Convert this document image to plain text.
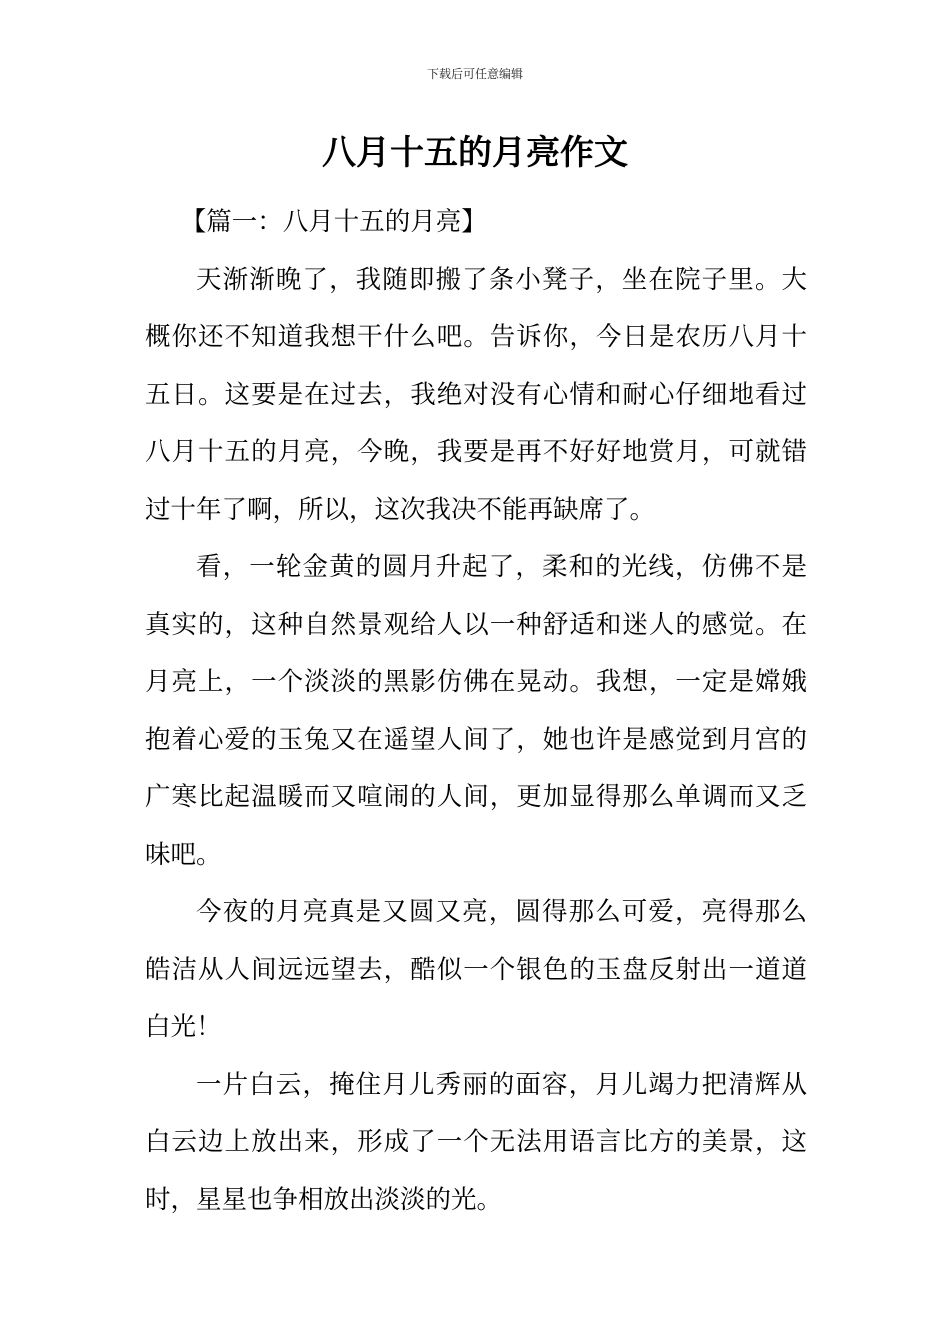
下载后可任意编辑
八月十五的月亮作文

【篇一：八月十五的月亮】

天渐渐晚了，我随即搬了条小凳子，坐在院子里。大概你还不知道我想干什么吧。告诉你，今日是农历八月十五日。这要是在过去，我绝对没有心情和耐心仔细地看过八月十五的月亮，今晚，我要是再不好好地赏月，可就错过十年了啊，所以，这次我决不能再缺席了。

看，一轮金黄的圆月升起了，柔和的光线，仿佛不是真实的，这种自然景观给人以一种舒适和迷人的感觉。在月亮上，一个淡淡的黑影仿佛在晃动。我想，一定是嫦娥抱着心爱的玉兔又在遥望人间了，她也许是感觉到月宫的广寒比起温暖而又喧闹的人间，更加显得那么单调而又乏味吧。

今夜的月亮真是又圆又亮，圆得那么可爱，亮得那么皓洁从人间远远望去，酷似一个银色的玉盘反射出一道道白光！

一片白云，掩住月儿秀丽的面容，月儿竭力把清辉从白云边上放出来，形成了一个无法用语言比方的美景，这时，星星也争相放出淡淡的光。
